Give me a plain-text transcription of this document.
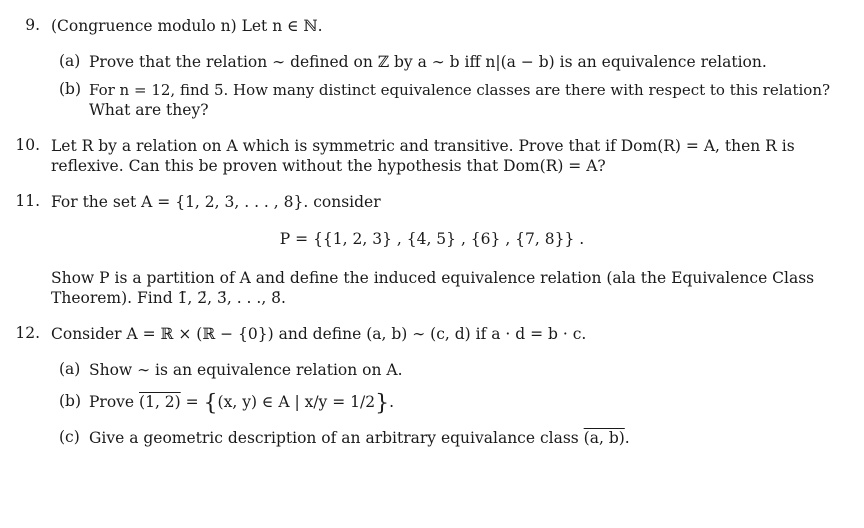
9. (Congruence modulo n) Let n ∈ ℕ.
(a) Prove that the relation ∼ defined on ℤ by a ∼ b iff n|(a − b) is an equivalence relation.
(b) For n = 12, find 5̄. How many distinct equivalence classes are there with respect to this relation?
What are they?
10. Let R by a relation on A which is symmetric and transitive. Prove that if Dom(R) = A, then R is
reflexive. Can this be proven without the hypothesis that Dom(R) = A?
11. For the set A = {1, 2, 3, . . . , 8}. consider
P = {{1, 2, 3} , {4, 5} , {6} , {7, 8}} .
Show P is a partition of A and define the induced equivalence relation (ala the Equivalence Class
Theorem). Find 1̄, 2̄, 3̄, . . ., 8̄.
12. Consider A = ℝ × (ℝ − {0}) and define (a, b) ∼ (c, d) if a · d = b · c.
(a) Show ∼ is an equivalence relation on A.
(b) Prove (1, 2) = {(x, y) ∈ A | x/y = 1/2}.
(c) Give a geometric description of an arbitrary equivalance class (a, b).
